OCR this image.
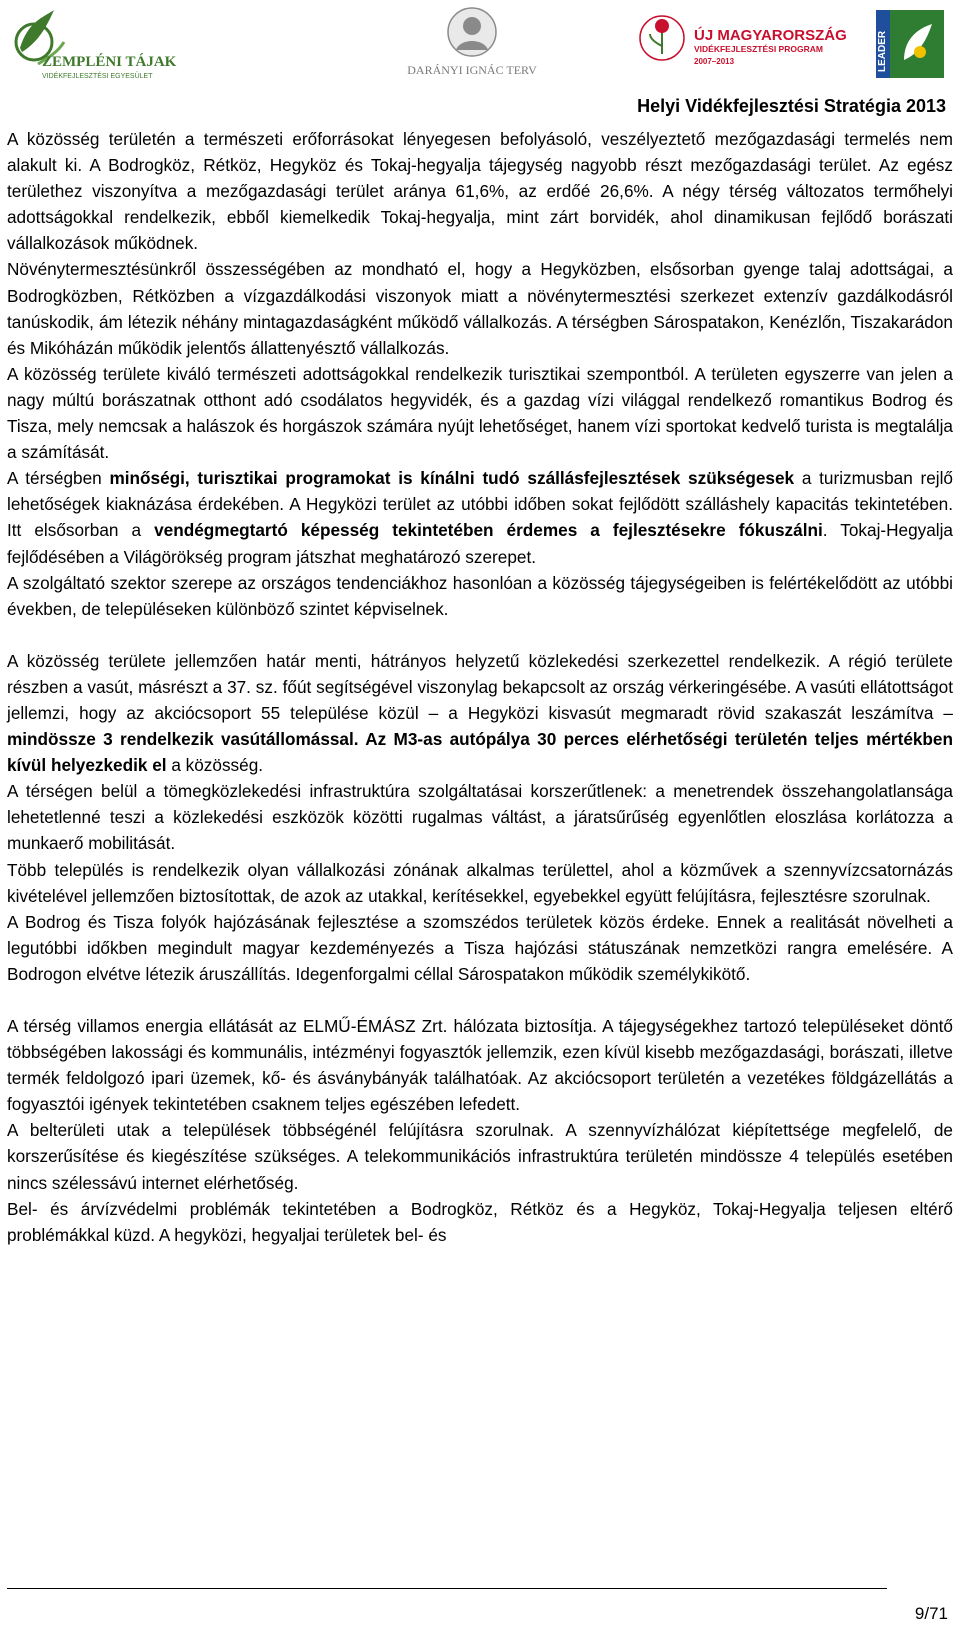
ZEMPLÉNI TÁJAK
VIDÉKFEJLESZTÉSI EGYESÜLET	DARÁNYI IGNÁC TERV
ÚJ MAGYARORSZÁG
VIDÉKFEJLESZTÉSI PROGRAM
2007–2013	LEADER
Helyi Vidékfejlesztési Stratégia 2013

A közösség területén a természeti erőforrásokat lényegesen befolyásoló, veszélyeztető mezőgazdasági termelés nem alakult ki. A Bodrogköz, Rétköz, Hegyköz és Tokaj-hegyalja tájegység nagyobb részt mezőgazdasági terület. Az egész területhez viszonyítva a mezőgazdasági terület aránya 61,6%, az erdőé 26,6%. A négy térség változatos termőhelyi adottságokkal rendelkezik, ebből kiemelkedik Tokaj-hegyalja, mint zárt borvidék, ahol dinamikusan fejlődő borászati vállalkozások működnek.

Növénytermesztésünkről összességében az mondható el, hogy a Hegyközben, elsősorban gyenge talaj adottságai, a Bodrogközben, Rétközben a vízgazdálkodási viszonyok miatt a növénytermesztési szerkezet extenzív gazdálkodásról tanúskodik, ám létezik néhány mintagazdaságként működő vállalkozás. A térségben Sárospatakon, Kenézlőn, Tiszakarádon és Mikóházán működik jelentős állattenyésztő vállalkozás.

A közösség területe kiváló természeti adottságokkal rendelkezik turisztikai szempontból. A területen egyszerre van jelen a nagy múltú borászatnak otthont adó csodálatos hegyvidék, és a gazdag vízi világgal rendelkező romantikus Bodrog és Tisza, mely nemcsak a halászok és horgászok számára nyújt lehetőséget, hanem vízi sportokat kedvelő turista is megtalálja a számítását.

A térségben minőségi, turisztikai programokat is kínálni tudó szállásfejlesztések szükségesek a turizmusban rejlő lehetőségek kiaknázása érdekében. A Hegyközi terület az utóbbi időben sokat fejlődött szálláshely kapacitás tekintetében. Itt elsősorban a vendégmegtartó képesség tekintetében érdemes a fejlesztésekre fókuszálni. Tokaj-Hegyalja fejlődésében a Világörökség program játszhat meghatározó szerepet.

A szolgáltató szektor szerepe az országos tendenciákhoz hasonlóan a közösség tájegységeiben is felértékelődött az utóbbi években, de településeken különböző szintet képviselnek.

A közösség területe jellemzően határ menti, hátrányos helyzetű közlekedési szerkezettel rendelkezik. A régió területe részben a vasút, másrészt a 37. sz. főút segítségével viszonylag bekapcsolt az ország vérkeringésébe. A vasúti ellátottságot jellemzi, hogy az akciócsoport 55 települése közül – a Hegyközi kisvasút megmaradt rövid szakaszát leszámítva – mindössze 3 rendelkezik vasútállomással. Az M3-as autópálya 30 perces elérhetőségi területén teljes mértékben kívül helyezkedik el a közösség.

A térségen belül a tömegközlekedési infrastruktúra szolgáltatásai korszerűtlenek: a menetrendek összehangolatlansága lehetetlenné teszi a közlekedési eszközök közötti rugalmas váltást, a járatsűrűség egyenlőtlen eloszlása korlátozza a munkaerő mobilitását.

Több település is rendelkezik olyan vállalkozási zónának alkalmas területtel, ahol a közművek a szennyvízcsatornázás kivételével jellemzően biztosítottak, de azok az utakkal, kerítésekkel, egyebekkel együtt felújításra, fejlesztésre szorulnak.

A Bodrog és Tisza folyók hajózásának fejlesztése a szomszédos területek közös érdeke. Ennek a realitását növelheti a legutóbbi időkben megindult magyar kezdeményezés a Tisza hajózási státuszának nemzetközi rangra emelésére. A Bodrogon elvétve létezik áruszállítás. Idegenforgalmi céllal Sárospatakon működik személykikötő.

A térség villamos energia ellátását az ELMŰ-ÉMÁSZ Zrt. hálózata biztosítja. A tájegységekhez tartozó településeket döntő többségében lakossági és kommunális, intézményi fogyasztók jellemzik, ezen kívül kisebb mezőgazdasági, borászati, illetve termék feldolgozó ipari üzemek, kő- és ásványbányák találhatóak. Az akciócsoport területén a vezetékes földgázellátás a fogyasztói igények tekintetében csaknem teljes egészében lefedett.

A belterületi utak a települések többségénél felújításra szorulnak. A szennyvízhálózat kiépítettsége megfelelő, de korszerűsítése és kiegészítése szükséges. A telekommunikációs infrastruktúra területén mindössze 4 település esetében nincs szélessávú internet elérhetőség.

Bel- és árvízvédelmi problémák tekintetében a Bodrogköz, Rétköz és a Hegyköz, Tokaj-Hegyalja teljesen eltérő problémákkal küzd. A hegyközi, hegyaljai területek bel- és

9/71
